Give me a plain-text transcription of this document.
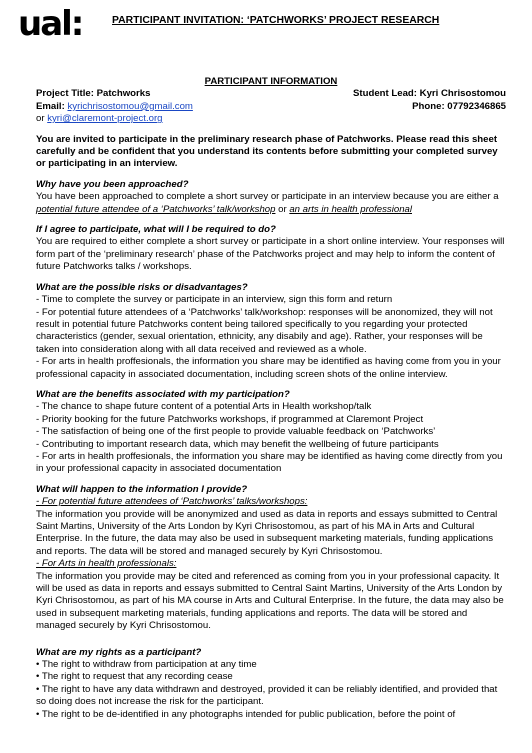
ual:	PARTICIPANT INVITATION: ‘PATCHWORKS’ PROJECT RESEARCH

PARTICIPANT INFORMATION

Project Title: Patchworks	Student Lead: Kyri Chrisostomou
Email: kyrichrisostomou@gmail.com	Phone: 07792346865

or kyri@claremont-project.org

You are invited to participate in the preliminary research phase of Patchworks. Please read this sheet carefully and be confident that you understand its contents before submitting your completed survey or participating in an interview.

Why have you been approached?

You have been approached to complete a short survey or participate in an interview because you are either a potential future attendee of a ‘Patchworks’ talk/workshop or an arts in health professional

If I agree to participate, what will I be required to do?

You are required to either complete a short survey or participate in a short online interview. Your responses will form part of the ‘preliminary research’ phase of the Patchworks project and may help to inform the content of future Patchworks talks / workshops.

What are the possible risks or disadvantages?

- Time to complete the survey or participate in an interview, sign this form and return

- For potential future attendees of a ‘Patchworks’ talk/workshop: responses will be anonomized, they will not result in potential future Patchworks content being tailored specifically to you regarding your protected characteristics (gender, sexual orientation, ethnicity, any disabily and age). Rather, your responses will be taken into consideration along with all data received and reviewed as a whole.

- For arts in health proffesionals, the information you share may be identified as having come from you in your professional capacity in associated documentation, including screen shots of the online interview.

What are the benefits associated with my participation?

- The chance to shape future content of a potential Arts in Health workshop/talk

- Priority booking for the future Patchworks workshops, if programmed at Claremont Project

- The satisfaction of being one of the first people to provide valuable feedback on ‘Patchworks’

- Contributing to important research data, which may benefit the wellbeing of future participants

- For arts in health proffesionals, the information you share may be identified as having come directly from you in your professional capacity in associated documentation

What will happen to the information I provide?

- For potential future attendees of ‘Patchworks’ talks/workshops:

The information you provide will be anonymized and used as data in reports and essays submitted to Central Saint Martins, University of the Arts London by Kyri Chrisostomou, as part of his MA in Arts and Cultural Enterprise. In the future, the data may also be used in subsequent marketing materials, funding applications and reports. The data will be stored and managed securely by Kyri Chrisostomou.

- For Arts in health professionals:

The information you provide may be cited and referenced as coming from you in your professional capacity. It will be used as data in reports and essays submitted to Central Saint Martins, University of the Arts London by Kyri Chrisostomou, as part of his MA course in Arts and Cultural Enterprise. In the future, the data may also be used in subsequent marketing materials, funding applications and reports. The data will be stored and managed securely by Kyri Chrisostomou.

What are my rights as a participant?

• The right to withdraw from participation at any time

• The right to request that any recording cease

• The right to have any data withdrawn and destroyed, provided it can be reliably identified, and provided that so doing does not increase the risk for the participant.

• The right to be de-identified in any photographs intended for public publication, before the point of
